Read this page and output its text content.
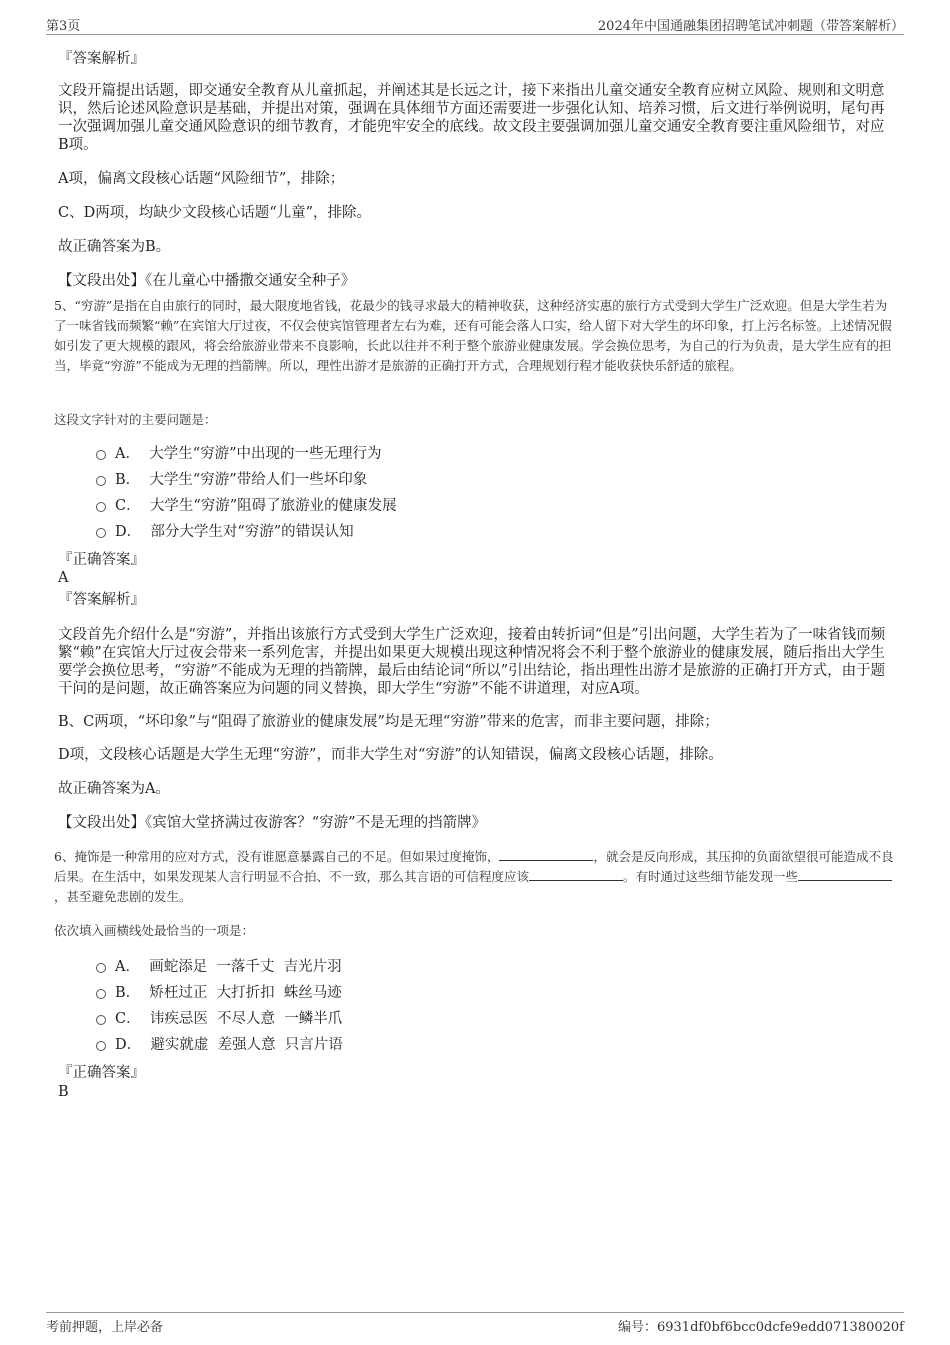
第3页	2024年中国通融集团招聘笔试冲刺题（带答案解析）

『答案解析』

文段开篇提出话题，即交通安全教育从儿童抓起，并阐述其是长远之计，接下来指出儿童交通安全教育应树立风险、规则和文明意识，然后论述风险意识是基础，并提出对策，强调在具体细节方面还需要进一步强化认知、培养习惯，后文进行举例说明，尾句再一次强调加强儿童交通风险意识的细节教育，才能兜牢安全的底线。故文段主要强调加强儿童交通安全教育要注重风险细节，对应B项。

A项，偏离文段核心话题“风险细节”，排除；

C、D两项，均缺少文段核心话题“儿童”，排除。

故正确答案为B。

【文段出处】《在儿童心中播撒交通安全种子》

5、“穷游”是指在自由旅行的同时，最大限度地省钱，花最少的钱寻求最大的精神收获，这种经济实惠的旅行方式受到大学生广泛欢迎。但是大学生若为了一味省钱而频繁“赖”在宾馆大厅过夜，不仅会使宾馆管理者左右为难，还有可能会落人口实，给人留下对大学生的坏印象，打上污名标签。上述情况假如引发了更大规模的跟风，将会给旅游业带来不良影响，长此以往并不利于整个旅游业健康发展。学会换位思考，为自己的行为负责，是大学生应有的担当，毕竟“穷游”不能成为无理的挡箭牌。所以，理性出游才是旅游的正确打开方式，合理规划行程才能收获快乐舒适的旅程。

这段文字针对的主要问题是：

A． 大学生“穷游”中出现的一些无理行为
B． 大学生“穷游”带给人们一些坏印象
C． 大学生“穷游”阻碍了旅游业的健康发展
D． 部分大学生对“穷游”的错误认知

『正确答案』

A

『答案解析』

文段首先介绍什么是“穷游”，并指出该旅行方式受到大学生广泛欢迎，接着由转折词“但是”引出问题，大学生若为了一味省钱而频繁“赖”在宾馆大厅过夜会带来一系列危害，并提出如果更大规模出现这种情况将会不利于整个旅游业的健康发展，随后指出大学生要学会换位思考，“穷游”不能成为无理的挡箭牌，最后由结论词“所以”引出结论，指出理性出游才是旅游的正确打开方式，由于题干问的是问题，故正确答案应为问题的同义替换，即大学生“穷游”不能不讲道理，对应A项。

B、C两项，“坏印象”与“阻碍了旅游业的健康发展”均是无理“穷游”带来的危害，而非主要问题，排除；

D项，文段核心话题是大学生无理“穷游”，而非大学生对“穷游”的认知错误，偏离文段核心话题，排除。

故正确答案为A。

【文段出处】《宾馆大堂挤满过夜游客？“穷游”不是无理的挡箭牌》

6、掩饰是一种常用的应对方式，没有谁愿意暴露自己的不足。但如果过度掩饰，	，就会是反向形成，其压抑的负面欲望很可能造成不良后果。在生活中，如果发现某人言行明显不合拍、不一致，那么其言语的可信程度应该	。有时通过这些细节能发现一些，甚至避免悲剧的发生。

依次填入画横线处最恰当的一项是：

A． 画蛇添足  一落千丈  吉光片羽
B． 矫枉过正  大打折扣  蛛丝马迹
C． 讳疾忌医  不尽人意  一鳞半爪
D． 避实就虚  差强人意  只言片语

『正确答案』

B

考前押题，上岸必备	编号：6931df0bf6bcc0dcfe9edd071380020f
